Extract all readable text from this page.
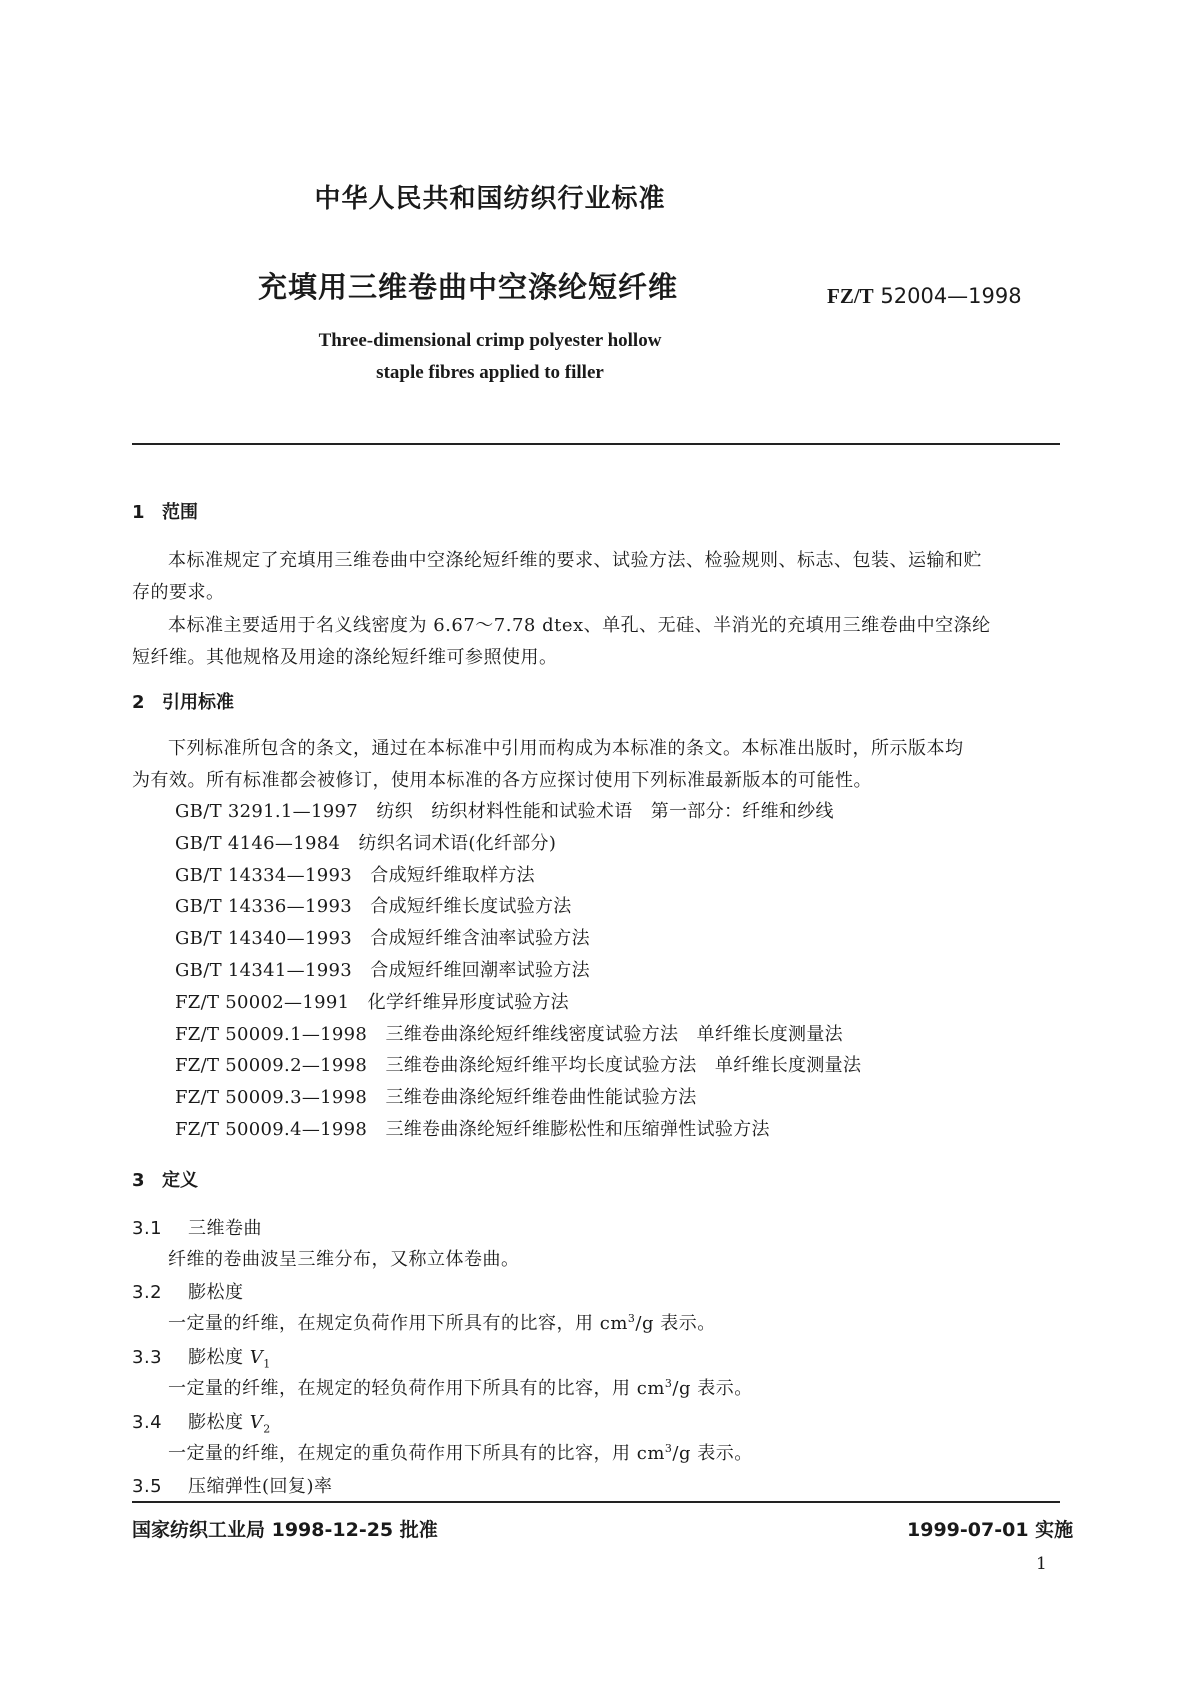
中华人民共和国纺织行业标准
充填用三维卷曲中空涤纶短纤维	FZ/T 52004—1998
Three-dimensional crimp polyester hollow
staple fibres applied to filler
1 范围
本标准规定了充填用三维卷曲中空涤纶短纤维的要求、试验方法、检验规则、标志、包装、运输和贮
存的要求。
本标准主要适用于名义线密度为 6.67～7.78 dtex、单孔、无硅、半消光的充填用三维卷曲中空涤纶
短纤维。其他规格及用途的涤纶短纤维可参照使用。
2 引用标准
下列标准所包含的条文，通过在本标准中引用而构成为本标准的条文。本标准出版时，所示版本均
为有效。所有标准都会被修订，使用本标准的各方应探讨使用下列标准最新版本的可能性。
GB/T 3291.1—1997　 纺织　纺织材料性能和试验术语　第一部分：纤维和纱线
GB/T 4146—1984　 纺织名词术语(化纤部分)
GB/T 14334—1993　 合成短纤维取样方法
GB/T 14336—1993　 合成短纤维长度试验方法
GB/T 14340—1993　 合成短纤维含油率试验方法
GB/T 14341—1993　 合成短纤维回潮率试验方法
FZ/T 50002—1991　 化学纤维异形度试验方法
FZ/T 50009.1—1998　 三维卷曲涤纶短纤维线密度试验方法　单纤维长度测量法
FZ/T 50009.2—1998　 三维卷曲涤纶短纤维平均长度试验方法　单纤维长度测量法
FZ/T 50009.3—1998　 三维卷曲涤纶短纤维卷曲性能试验方法
FZ/T 50009.4—1998　 三维卷曲涤纶短纤维膨松性和压缩弹性试验方法
3 定义
3.1 三维卷曲
纤维的卷曲波呈三维分布，又称立体卷曲。
3.2 膨松度
一定量的纤维，在规定负荷作用下所具有的比容，用 $cm^3/g$ 表示。
3.3 膨松度 $V_1$
一定量的纤维，在规定的轻负荷作用下所具有的比容，用 $cm^3/g$ 表示。
3.4 膨松度 $V_2$
一定量的纤维，在规定的重负荷作用下所具有的比容，用 $cm^3/g$ 表示。
3.5 压缩弹性(回复)率
国家纺织工业局 1998-12-25 批准	1999-07-01 实施
1
